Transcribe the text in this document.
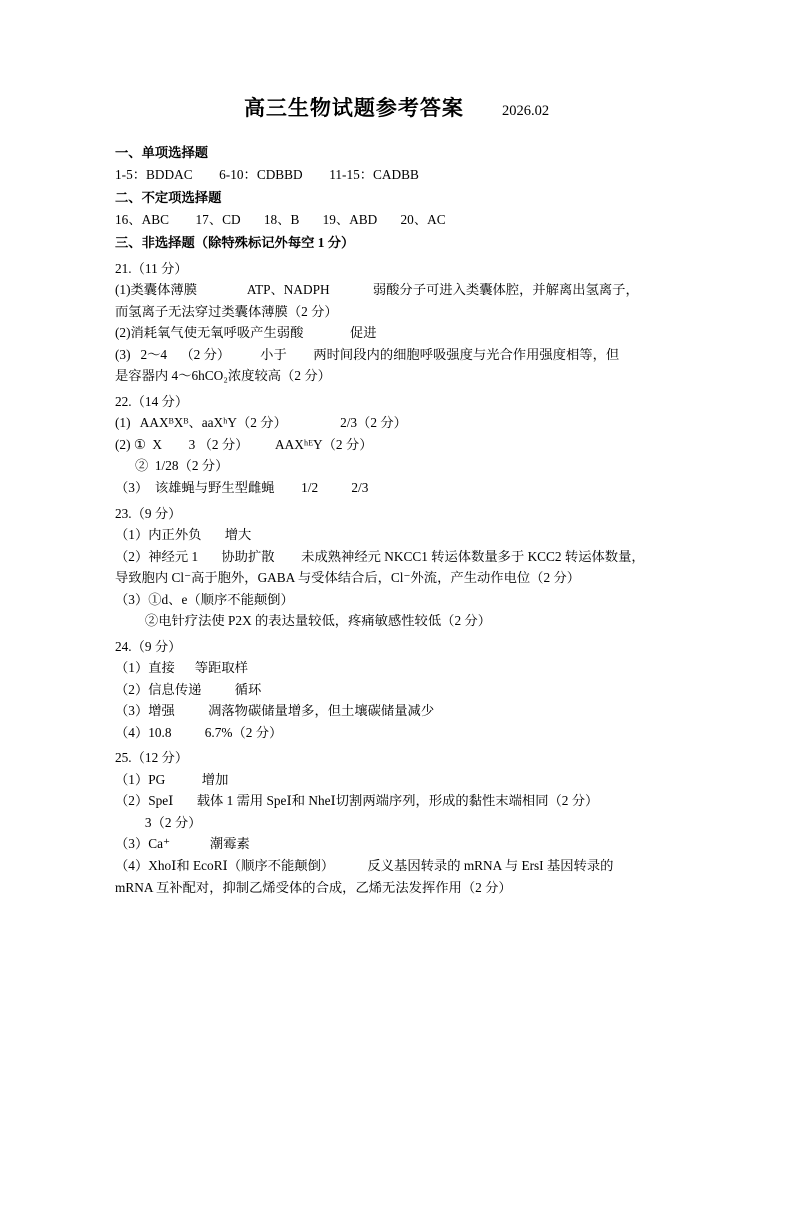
高三生物试题参考答案	2026.02
一、单项选择题
1-5：BDDAC        6-10：CDBBD        11-15：CADBB
二、不定项选择题
16、ABC        17、CD       18、B       19、ABD       20、AC
三、非选择题（除特殊标记外每空 1 分）
21.（11 分）
(1)类囊体薄膜               ATP、NADPH             弱酸分子可进入类囊体腔，并解离出氢离子，
而氢离子无法穿过类囊体薄膜（2 分）
(2)消耗氧气使无氧呼吸产生弱酸              促进
(3)   2～4    （2 分）         小于        两时间段内的细胞呼吸强度与光合作用强度相等，但
是容器内 4～6hCO₂浓度较高（2 分）
22.（14 分）
(1)   AAXᴮXᴮ、aaXʰY（2 分）                2/3（2 分）
(2) ①  X        3 （2 分）        AAXʰᴱY（2 分）
②  1/28（2 分）
（3）  该雄蝇与野生型雌蝇        1/2          2/3
23.（9 分）
（1）内正外负       增大
（2）神经元 1       协助扩散        未成熟神经元 NKCC1 转运体数量多于 KCC2 转运体数量，
导致胞内 Cl⁻高于胞外，GABA 与受体结合后，Cl⁻外流，产生动作电位（2 分）
（3）①d、e（顺序不能颠倒）
②电针疗法使 P2X 的表达量较低，疼痛敏感性较低（2 分）
24.（9 分）
（1）直接      等距取样
（2）信息传递          循环
（3）增强          凋落物碳储量增多，但土壤碳储量减少
（4）10.8          6.7%（2 分）
25.（12 分）
（1）PG           增加
（2）SpeⅠ       载体 1 需用 SpeⅠ和 NheⅠ切割两端序列，形成的黏性末端相同（2 分）
3（2 分）
（3）Ca⁺            潮霉素
（4）XhoⅠ和 EcoRⅠ（顺序不能颠倒）          反义基因转录的 mRNA 与 ErsI 基因转录的
mRNA 互补配对，抑制乙烯受体的合成，乙烯无法发挥作用（2 分）
